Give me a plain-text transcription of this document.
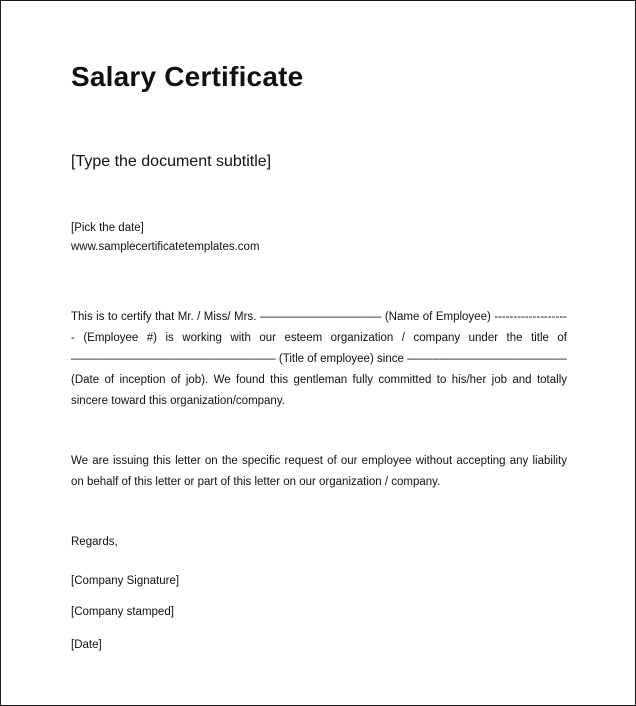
Salary Certificate
[Type the document subtitle]
[Pick the date]
www.samplecertificatetemplates.com
This is to certify that Mr. / Miss/ Mrs. ––––––––––––––––––– (Name of Employee) -------------------- (Employee #) is working with our esteem organization / company under the title of –––––––––––––––––––––––––––––––– (Title of employee) since ––––––––––––––––––––––––– (Date of inception of job). We found this gentleman fully committed to his/her job and totally sincere toward this organization/company.
We are issuing this letter on the specific request of our employee without accepting any liability on behalf of this letter or part of this letter on our organization / company.
Regards,
[Company Signature]
[Company stamped]
[Date]
